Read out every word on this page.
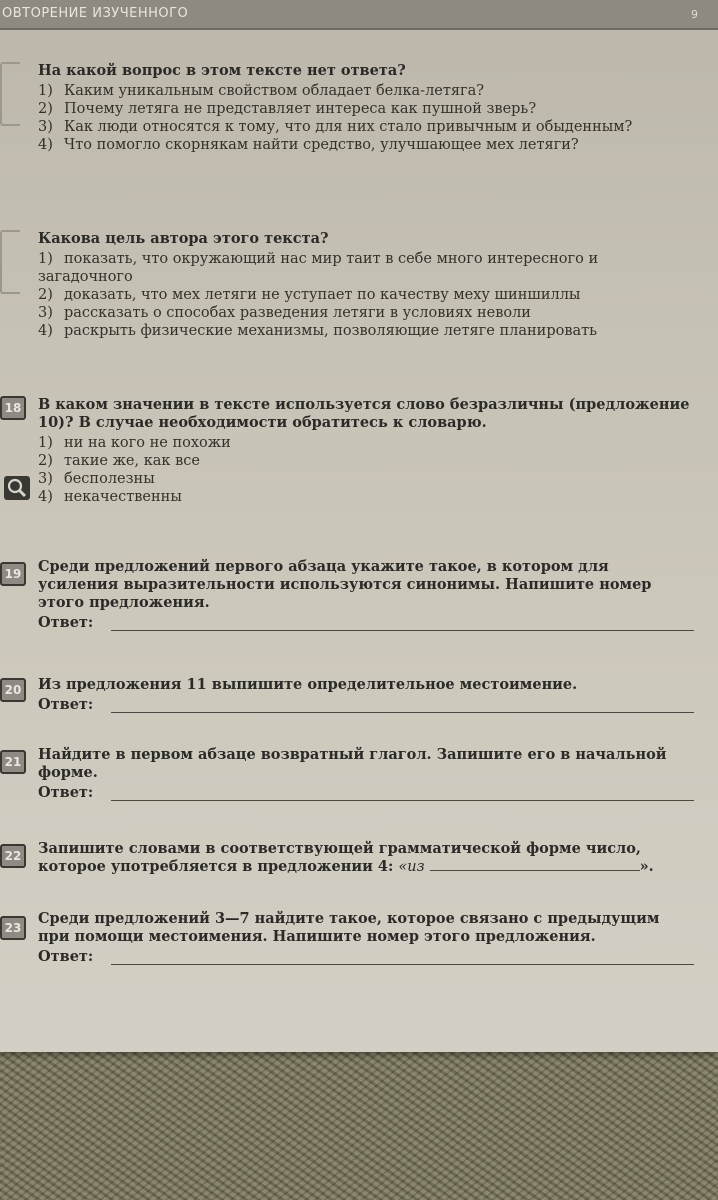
ОВТОРЕНИЕ ИЗУЧЕННОГО	9

На какой вопрос в этом тексте нет ответа?

1) Каким уникальным свойством обладает белка-летяга?
2) Почему летяга не представляет интереса как пушной зверь?
3) Как люди относятся к тому, что для них стало привычным и обыденным?
4) Что помогло скорнякам найти средство, улучшающее мех летяги?

Какова цель автора этого текста?

1) показать, что окружающий нас мир таит в себе много интересного и загадочного
2) доказать, что мех летяги не уступает по качеству меху шиншиллы
3) рассказать о способах разведения летяги в условиях неволи
4) раскрыть физические механизмы, позволяющие летяге планировать
18	В каком значении в тексте используется слово безразличны (предложение 10)? В случае необходимости обратитесь к словарю.

1) ни на кого не похожи
2) такие же, как все
3) бесполезны
4) некачественны
19	Среди предложений первого абзаца укажите такое, в котором для усиления выразительности используются синонимы. Напишите номер этого предложения.

Ответ:
20	Из предложения 11 выпишите определительное местоимение.

Ответ:
21	Найдите в первом абзаце возвратный глагол. Запишите его в начальной форме.

Ответ:
22	Запишите словами в соответствующей грамматической форме число, которое употребляется в предложении 4: «из	».

23

Среди предложений 3—7 найдите такое, которое связано с предыдущим при помощи местоимения. Напишите номер этого предложения.

Ответ:
